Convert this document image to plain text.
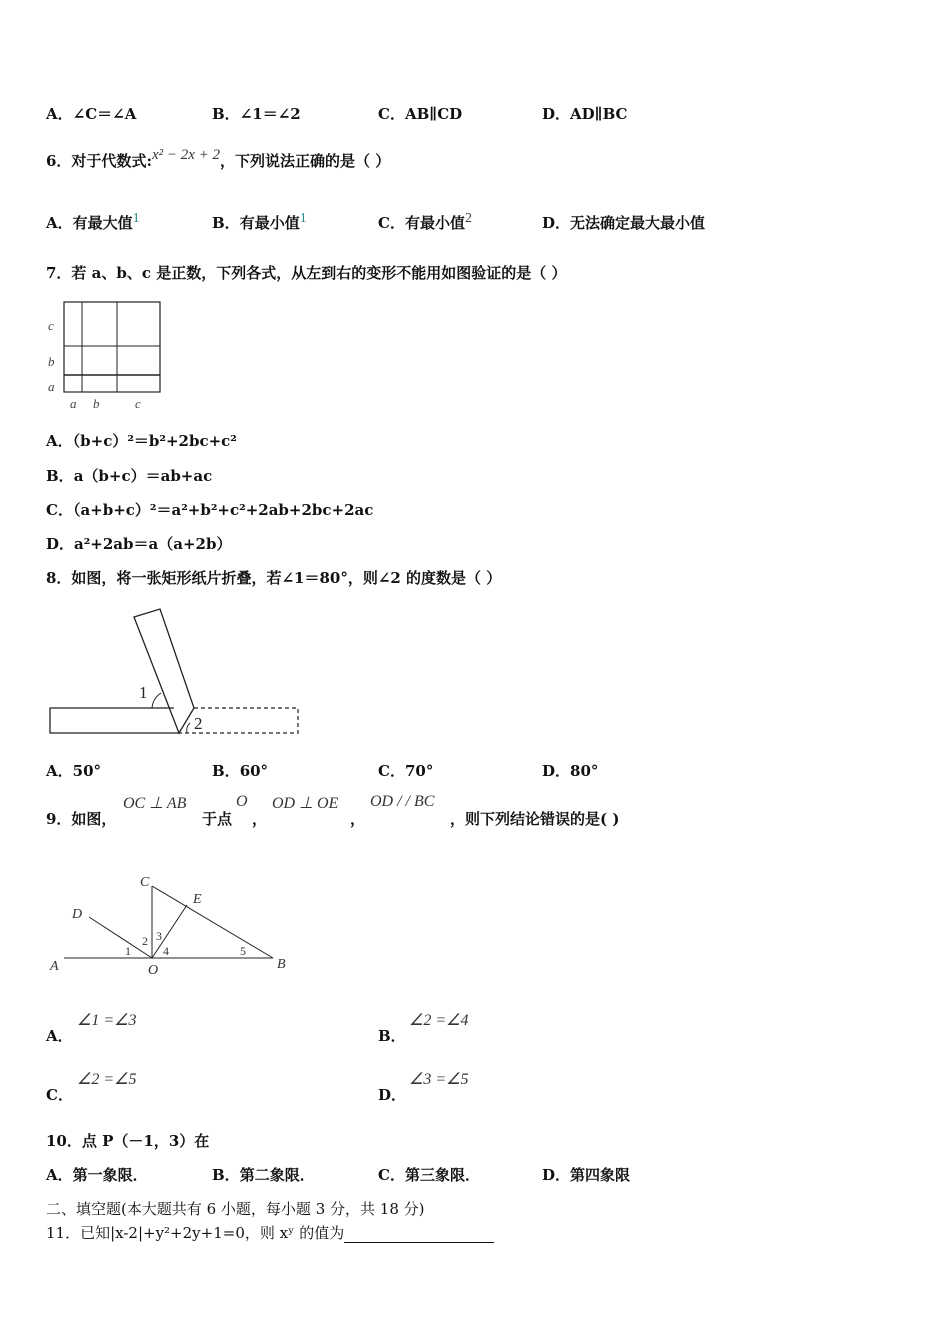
A．∠C＝∠A	B．∠1＝∠2	C．AB∥CD	D．AD∥BC
6．对于代数式:x² − 2x + 2，下列说法正确的是（ ）
A．有最大值1	B．有最小值1	C．有最小值2	D．无法确定最大最小值
7．若 a、b、c 是正数，下列各式，从左到右的变形不能用如图验证的是（ ）
c
b
a
a b	c
A．（b+c）²＝b²+2bc+c²
B．a（b+c）＝ab+ac
C．（a+b+c）²＝a²+b²+c²+2ab+2bc+2ac
D．a²+2ab＝a（a+2b）
8．如图，将一张矩形纸片折叠，若∠1＝80°，则∠2 的度数是（ ）
1
2
A．50°	B．60°	C．70°	D．80°
9．如图，
OC ⊥ AB
于点
O
，
OD ⊥ OE
，
OD / / BC
，则下列结论错误的是( )
C
D
E
A	O	B
1
2 3
4	5
A．
∠1 =∠3
B．
∠2 =∠4
C．
∠2 =∠5
D．
∠3 =∠5
10．点 P（－1，3）在
A．第一象限．	B．第二象限．	C．第三象限．	D．第四象限
二、填空题(本大题共有 6 小题，每小题 3 分，共 18 分)
11．已知|x-2|+y²+2y+1=0，则 xʸ 的值为
